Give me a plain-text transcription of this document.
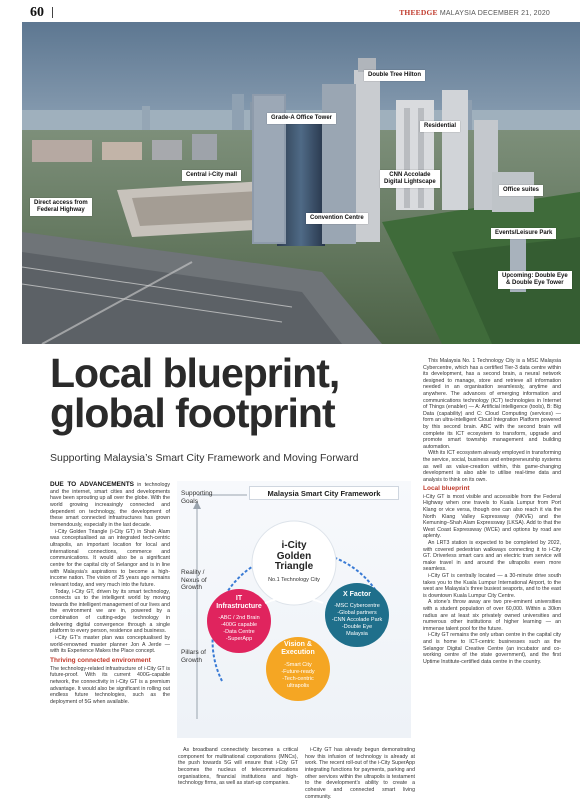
60	THEEDGE MALAYSIA DECEMBER 21, 2020
Double Tree Hilton
Grade-A Office Tower
Residential
Central i-City mall	CNN Accolade
Digital Lightscape
Office suites
Direct access from
Federal Highway
Convention Centre
Events/Leisure Park
Upcoming: Double Eye
& Double Eye Tower
Local blueprint,
global footprint
Supporting Malaysia’s Smart City Framework and Moving Forward

DUE TO ADVANCEMENTS in technology and the internet, smart cities and developments have been sprouting up all over the globe. With the world growing increasingly connected and dependent on technology, the development of these smart connected infrastructures has grown tremendously, especially in the last decade.

i-City Golden Triangle (i-City GT) in Shah Alam was conceptualised as an integrated tech-centric ultrapolis, an important location for local and international connections, commerce and communications. It would also be a significant centre for the capital city of Selangor and is in line with Malaysia’s aspirations to become a high-income nation. The vision of 25 years ago remains relevant today, and very much into the future.

Today, i-City GT, driven by its smart technology, connects us to the intelligent world by moving towards the intelligent management of our lives and the environment we are in, powered by a combination of cutting-edge technology in delivering digital convergence through a single platform to every person, residence and business.

i-City GT’s master plan was conceptualised by world-renowned master planner Jon A Jerde — with its Experience Makes the Place concept.

Thriving connected environment

The technology-related infrastructure of i-City GT is future-proof. With its current 400G-capable network, the connectivity in i-City GT is a premium advantage. It would also be significant in rolling out endless future technologies, such as the deployment of 5G when available.

Malaysia Smart City Framework
Supporting
Goals
Reality /
Nexus of
Growth
Pillars of
Growth
i-City
Golden
Triangle
No.1 Technology City
IT
Infrastructure
-ABC / 2nd Brain
-400G capable
-Data Centre
-SuperApp
X Factor
-MSC Cybercentre
-Global partners
-CNN Accolade Park
-Double Eye
Malaysia
Vision &
Execution
-Smart City
-Future-ready
-Tech-centric
ultrapolis

As broadband connectivity becomes a critical component for multinational corporations (MNCs), the push towards 5G will ensure that i-City GT becomes the nucleus of telecommunications organisations, financial institutions and high-technology firms, as well as start-up companies.

i-City GT has already begun demonstrating how this infusion of technology is already at work. The recent roll-out of the i-City SuperApp integrating functions for payments, parking and other services within the ultrapolis is testament to the development’s ability to create a cohesive and connected smart living community.

This Malaysia No. 1 Technology City is a MSC Malaysia Cybercentre, which has a certified Tier-3 data centre within its development, has a second brain, a neural network designed to manage, store and retrieve all information needed in an organisation seamlessly, anytime and anywhere. The advances of emerging information and communications technology (ICT) technologies in Internet of Things (enabler) — A: Artificial intelligence (tools), B: Big Data (capability) and C: Cloud Computing (services) — form an ultra-intelligent Cloud Integration Platform powered by this second brain. ABC with the second brain will complete its ICT ecosystem to transform, upgrade and promote smart township management and building automation.

With its ICT ecosystem already employed in transforming the service, social, business and entrepreneurship systems as well as value-creation within, this game-changing development is also able to utilise real-time data and analysis to think on its own.

Local blueprint

i-City GT is most visible and accessible from the Federal Highway when one travels to Kuala Lumpur from Port Klang or vice versa, though one can also reach it via the North Klang Valley Expressway (NKVE) and the Kemuning–Shah Alam Expressway (LKSA). Add to that the West Coast Expressway (WCE) and options by road are aplenty.

An LRT3 station is expected to be completed by 2022, with covered pedestrian walkways connecting it to i-City GT. Driverless smart cars and an electric tram service will make travel in and around the ultrapolis even more seamless.

i-City GT is centrally located — a 30-minute drive south takes you to the Kuala Lumpur International Airport, to the west are Malaysia’s three busiest seaports, and to the east is downtown Kuala Lumpur City Centre.

A stone’s throw away are two pre-eminent universities with a student population of over 60,000. Within a 30km radius are at least six privately owned universities and numerous other institutions of higher learning — an immense talent pool for the future.

i-City GT remains the only urban centre in the capital city and is home to ICT-centric businesses such as the Selangor Digital Creative Centre (an incubator and co-working centre of the state government), and the first Uptime Institute-certified data centre in the country.
